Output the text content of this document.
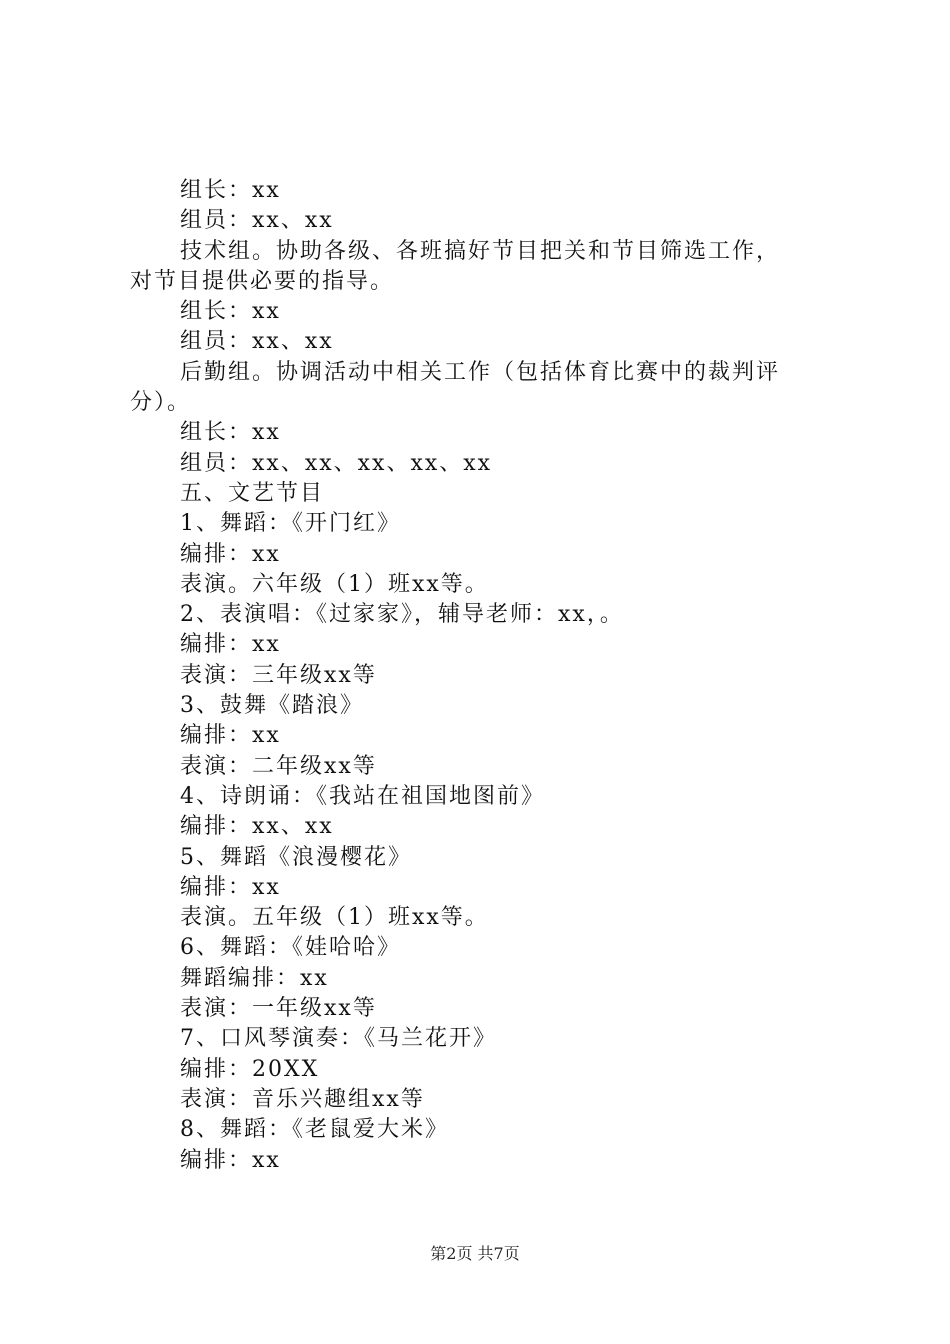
组长：xx
组员：xx、xx
技术组。协助各级、各班搞好节目把关和节目筛选工作，
对节目提供必要的指导。
组长：xx
组员：xx、xx
后勤组。协调活动中相关工作（包括体育比赛中的裁判评
分）。
组长：xx
组员：xx、xx、xx、xx、xx
五、文艺节目
1、舞蹈：《开门红》
编排：xx
表演。六年级（1）班xx等。
2、表演唱：《过家家》，辅导老师：xx，。
编排：xx
表演：三年级xx等
3、鼓舞《踏浪》
编排：xx
表演：二年级xx等
4、诗朗诵：《我站在祖国地图前》
编排：xx、xx
5、舞蹈《浪漫樱花》
编排：xx
表演。五年级（1）班xx等。
6、舞蹈：《娃哈哈》
舞蹈编排：xx
表演：一年级xx等
7、口风琴演奏：《马兰花开》
编排：20XX
表演：音乐兴趣组xx等
8、舞蹈：《老鼠爱大米》
编排：xx
第2页 共7页
